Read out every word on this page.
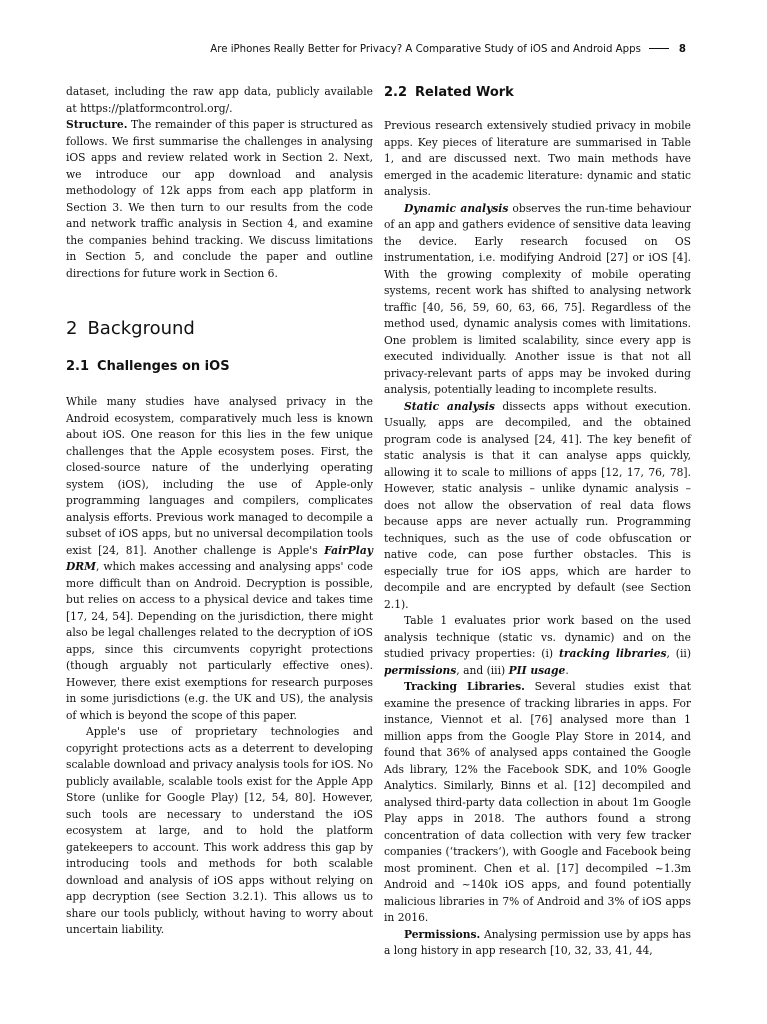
Are iPhones Really Better for Privacy? A Comparative Study of iOS and Android Apps	8

dataset, including the raw app data, publicly available at https://platformcontrol.org/.

Structure. The remainder of this paper is structured as follows. We first summarise the challenges in analysing iOS apps and review related work in Section 2. Next, we introduce our app download and analysis methodology of 12k apps from each app platform in Section 3. We then turn to our results from the code and network traffic analysis in Section 4, and examine the companies behind tracking. We discuss limitations in Section 5, and conclude the paper and outline directions for future work in Section 6.

2 Background
2.1 Challenges on iOS

While many studies have analysed privacy in the Android ecosystem, comparatively much less is known about iOS. One reason for this lies in the few unique challenges that the Apple ecosystem poses. First, the closed-source nature of the underlying operating system (iOS), including the use of Apple-only programming languages and compilers, complicates analysis efforts. Previous work managed to decompile a subset of iOS apps, but no universal decompilation tools exist [24, 81]. Another challenge is Apple's FairPlay DRM, which makes accessing and analysing apps' code more difficult than on Android. Decryption is possible, but relies on access to a physical device and takes time [17, 24, 54]. Depending on the jurisdiction, there might also be legal challenges related to the decryption of iOS apps, since this circumvents copyright protections (though arguably not particularly effective ones). However, there exist exemptions for research purposes in some jurisdictions (e.g. the UK and US), the analysis of which is beyond the scope of this paper.

Apple's use of proprietary technologies and copyright protections acts as a deterrent to developing scalable download and privacy analysis tools for iOS. No publicly available, scalable tools exist for the Apple App Store (unlike for Google Play) [12, 54, 80]. However, such tools are necessary to understand the iOS ecosystem at large, and to hold the platform gatekeepers to account. This work address this gap by introducing tools and methods for both scalable download and analysis of iOS apps without relying on app decryption (see Section 3.2.1). This allows us to share our tools publicly, without having to worry about uncertain liability.

2.2 Related Work

Previous research extensively studied privacy in mobile apps. Key pieces of literature are summarised in Table 1, and are discussed next. Two main methods have emerged in the academic literature: dynamic and static analysis.

Dynamic analysis observes the run-time behaviour of an app and gathers evidence of sensitive data leaving the device. Early research focused on OS instrumentation, i.e. modifying Android [27] or iOS [4]. With the growing complexity of mobile operating systems, recent work has shifted to analysing network traffic [40, 56, 59, 60, 63, 66, 75]. Regardless of the method used, dynamic analysis comes with limitations. One problem is limited scalability, since every app is executed individually. Another issue is that not all privacy-relevant parts of apps may be invoked during analysis, potentially leading to incomplete results.

Static analysis dissects apps without execution. Usually, apps are decompiled, and the obtained program code is analysed [24, 41]. The key benefit of static analysis is that it can analyse apps quickly, allowing it to scale to millions of apps [12, 17, 76, 78]. However, static analysis – unlike dynamic analysis – does not allow the observation of real data flows because apps are never actually run. Programming techniques, such as the use of code obfuscation or native code, can pose further obstacles. This is especially true for iOS apps, which are harder to decompile and are encrypted by default (see Section 2.1).

Table 1 evaluates prior work based on the used analysis technique (static vs. dynamic) and on the studied privacy properties: (i) tracking libraries, (ii) permissions, and (iii) PII usage.

Tracking Libraries. Several studies exist that examine the presence of tracking libraries in apps. For instance, Viennot et al. [76] analysed more than 1 million apps from the Google Play Store in 2014, and found that 36% of analysed apps contained the Google Ads library, 12% the Facebook SDK, and 10% Google Analytics. Similarly, Binns et al. [12] decompiled and analysed third-party data collection in about 1m Google Play apps in 2018. The authors found a strong concentration of data collection with very few tracker companies (‘trackers‘), with Google and Facebook being most prominent. Chen et al. [17] decompiled ~1.3m Android and ~140k iOS apps, and found potentially malicious libraries in 7% of Android and 3% of iOS apps in 2016.

Permissions. Analysing permission use by apps has a long history in app research [10, 32, 33, 41, 44,
